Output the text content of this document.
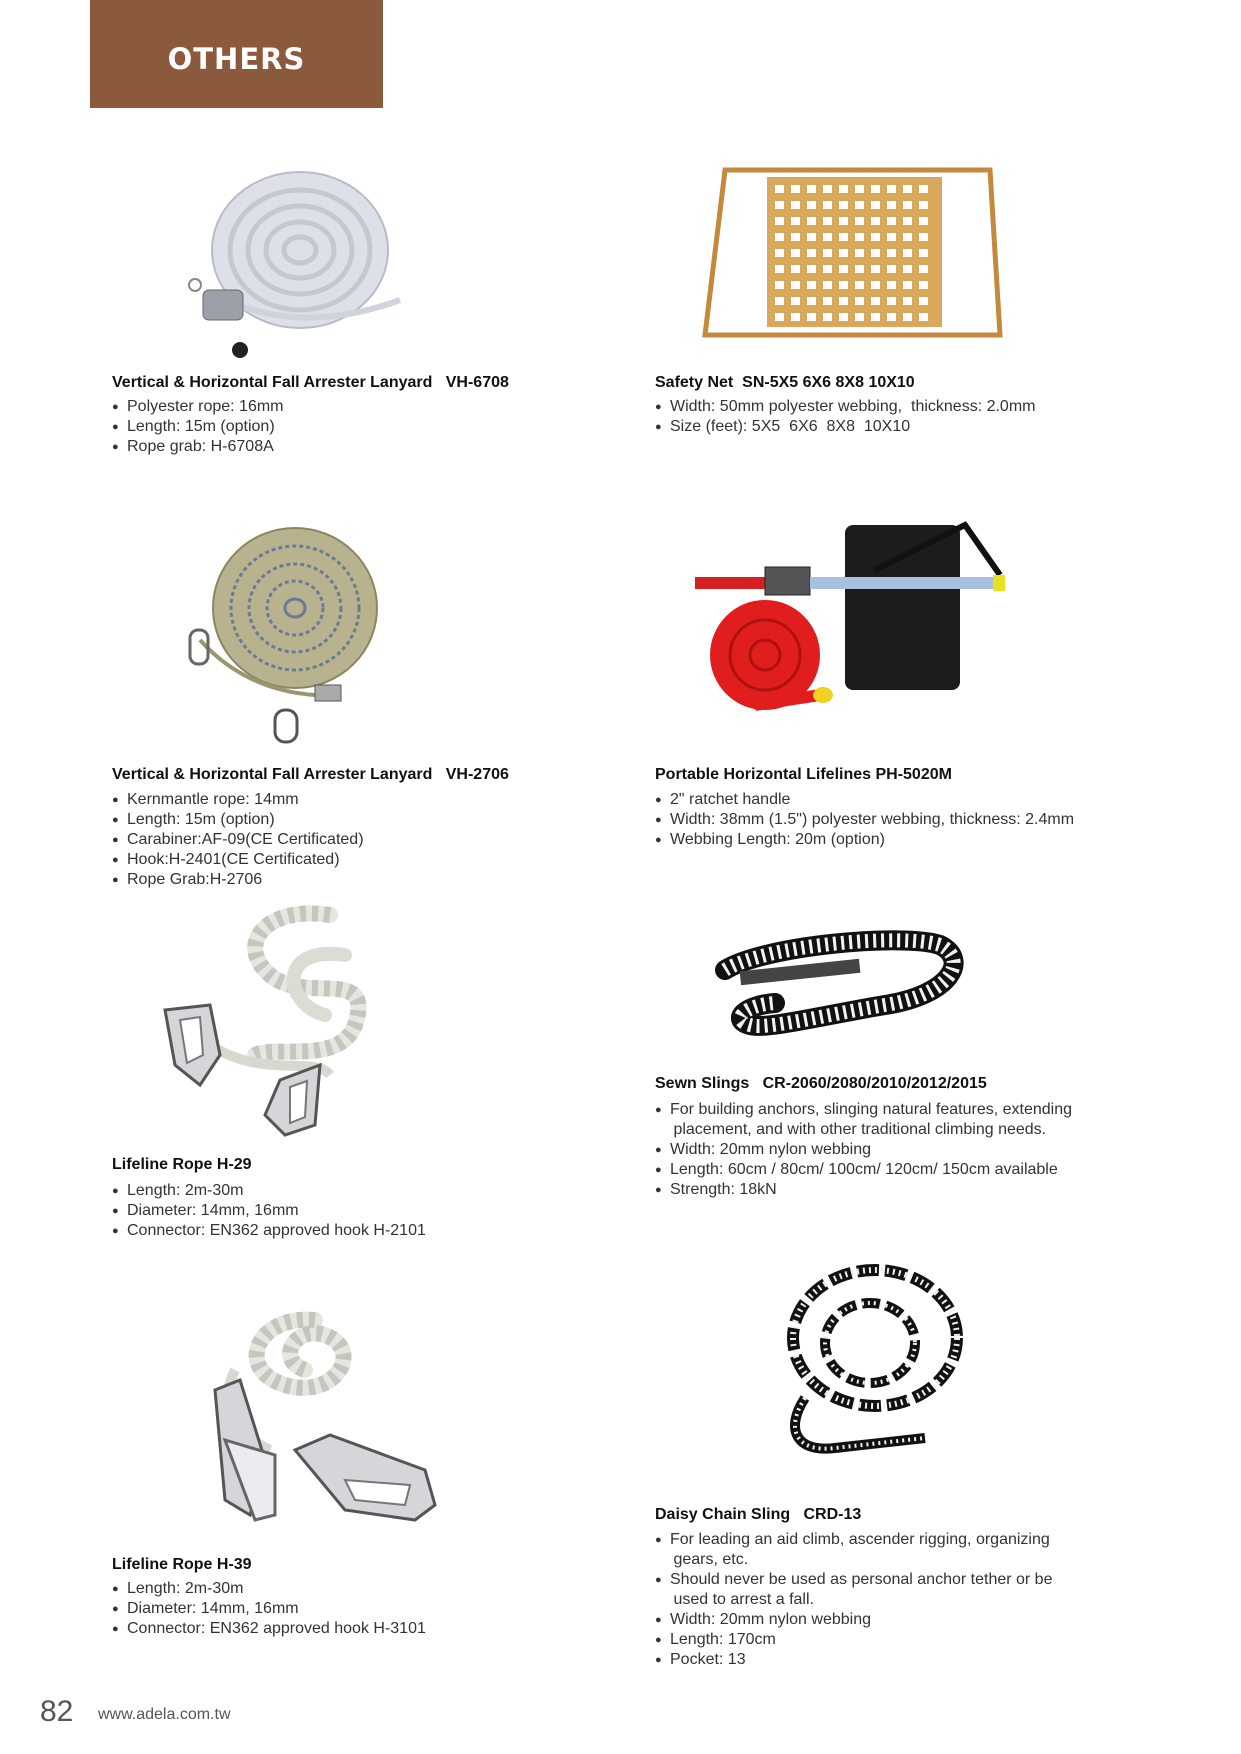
OTHERS
Vertical & Horizontal Fall Arrester Lanyard   VH-6708
● Polyester rope: 16mm
● Length: 15m (option)
● Rope grab: H-6708A
Safety Net  SN-5X5 6X6 8X8 10X10
● Width: 50mm polyester webbing,  thickness: 2.0mm
● Size (feet): 5X5  6X6  8X8  10X10
Vertical & Horizontal Fall Arrester Lanyard   VH-2706
● Kernmantle rope: 14mm
● Length: 15m (option)
● Carabiner:AF-09(CE Certificated)
● Hook:H-2401(CE Certificated)
● Rope Grab:H-2706
Portable Horizontal Lifelines PH-5020M
● 2" ratchet handle
● Width: 38mm (1.5") polyester webbing, thickness: 2.4mm
● Webbing Length: 20m (option)
Lifeline Rope H-29
● Length: 2m-30m
● Diameter: 14mm, 16mm
● Connector: EN362 approved hook H-2101
Sewn Slings   CR-2060/2080/2010/2012/2015
● For building anchors, slinging natural features, extending
placement, and with other traditional climbing needs.
● Width: 20mm nylon webbing
● Length: 60cm / 80cm/ 100cm/ 120cm/ 150cm available
● Strength: 18kN
Lifeline Rope H-39
● Length: 2m-30m
● Diameter: 14mm, 16mm
● Connector: EN362 approved hook H-3101
Daisy Chain Sling   CRD-13
● For leading an aid climb, ascender rigging, organizing
gears, etc.
● Should never be used as personal anchor tether or be
used to arrest a fall.
● Width: 20mm nylon webbing
● Length: 170cm
● Pocket: 13
82 www.adela.com.tw
